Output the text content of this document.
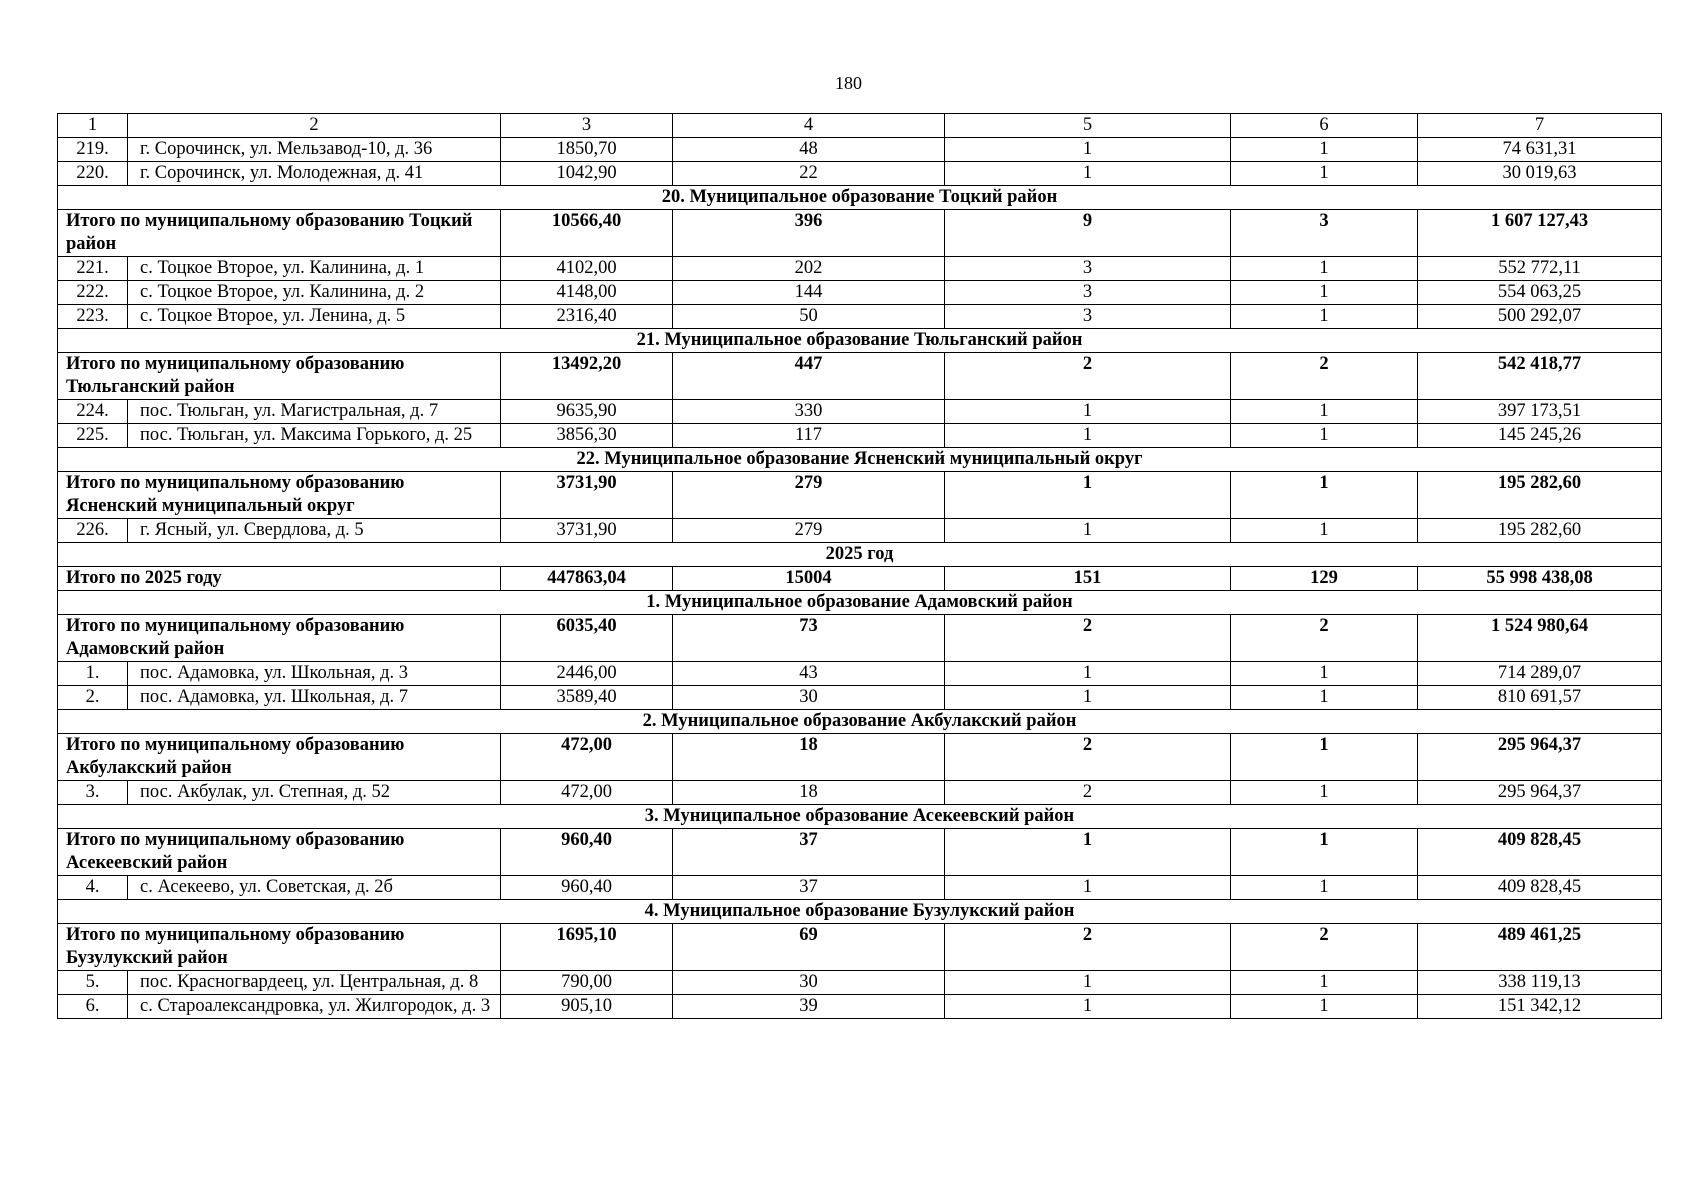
180
1	2	3	4	5	6	7
219.	г. Сорочинск, ул. Мельзавод-10, д. 36	1850,70	48	1	1	74 631,31
220.	г. Сорочинск, ул. Молодежная, д. 41	1042,90	22	1	1	30 019,63
20. Муниципальное образование Тоцкий район						
Итого по муниципальному образованию Тоцкий район		10566,40	396	9	3	1 607 127,43
221.	с. Тоцкое Второе, ул. Калинина, д. 1	4102,00	202	3	1	552 772,11
222.	с. Тоцкое Второе, ул. Калинина, д. 2	4148,00	144	3	1	554 063,25
223.	с. Тоцкое Второе, ул. Ленина, д. 5	2316,40	50	3	1	500 292,07
21. Муниципальное образование Тюльганский район						
Итого по муниципальному образованию Тюльганский район		13492,20	447	2	2	542 418,77
224.	пос. Тюльган, ул. Магистральная, д. 7	9635,90	330	1	1	397 173,51
225.	пос. Тюльган, ул. Максима Горького, д. 25	3856,30	117	1	1	145 245,26
22. Муниципальное образование Ясненский муниципальный округ						
Итого по муниципальному образованию Ясненский муниципальный округ		3731,90	279	1	1	195 282,60
226.	г. Ясный, ул. Свердлова, д. 5	3731,90	279	1	1	195 282,60
2025 год						
Итого по 2025 году		447863,04	15004	151	129	55 998 438,08
1. Муниципальное образование Адамовский район						
Итого по муниципальному образованию Адамовский район		6035,40	73	2	2	1 524 980,64
1.	пос. Адамовка, ул. Школьная, д. 3	2446,00	43	1	1	714 289,07
2.	пос. Адамовка, ул. Школьная, д. 7	3589,40	30	1	1	810 691,57
2. Муниципальное образование Акбулакский район						
Итого по муниципальному образованию Акбулакский район		472,00	18	2	1	295 964,37
3.	пос. Акбулак, ул. Степная, д. 52	472,00	18	2	1	295 964,37
3. Муниципальное образование Асекеевский район						
Итого по муниципальному образованию Асекеевский район		960,40	37	1	1	409 828,45
4.	с. Асекеево, ул. Советская, д. 2б	960,40	37	1	1	409 828,45
4. Муниципальное образование Бузулукский район						
Итого по муниципальному образованию Бузулукский район		1695,10	69	2	2	489 461,25
5.	пос. Красногвардеец, ул. Центральная, д. 8	790,00	30	1	1	338 119,13
6.	с. Староалександровка, ул. Жилгородок, д. 3	905,10	39	1	1	151 342,12
